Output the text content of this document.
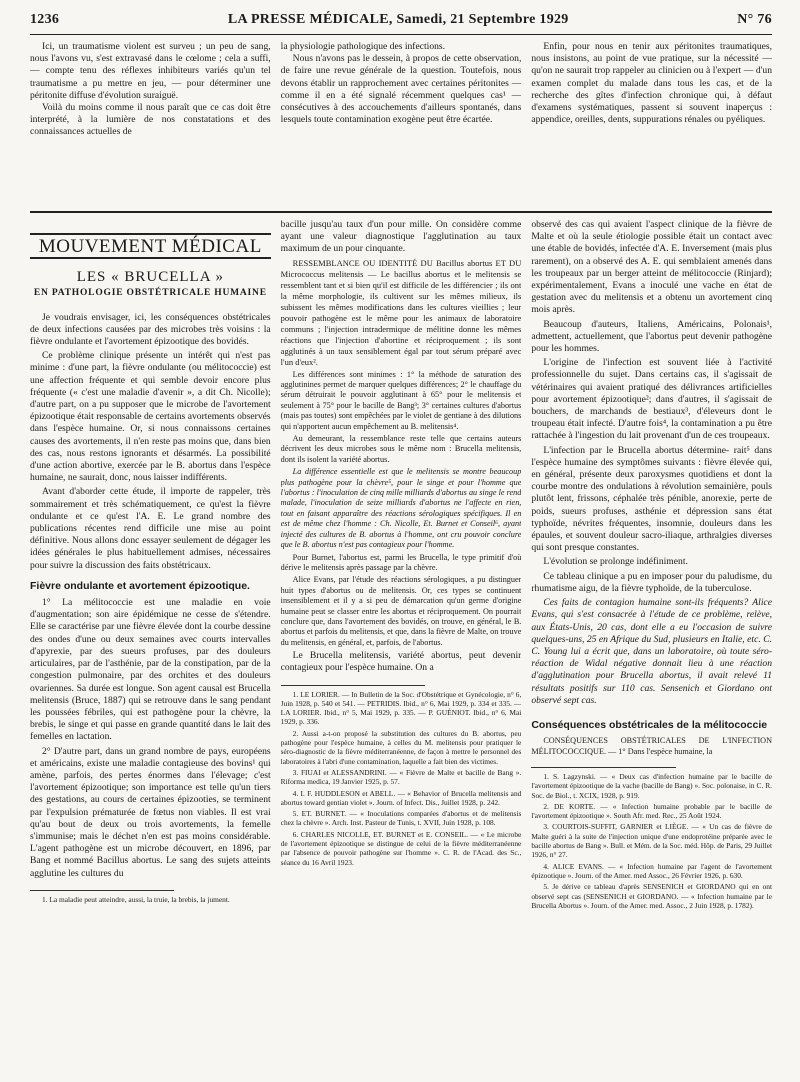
1236	LA PRESSE MÉDICALE, Samedi, 21 Septembre 1929	N° 76

Ici, un traumatisme violent est surveu ; un peu de sang, nous l'avons vu, s'est extravasé dans le cœlome ; cela a suffi, — compte tenu des réflexes inhibiteurs variés qu'un tel traumatisme a pu mettre en jeu, — pour déterminer une péritonite diffuse d'évolution suraiguë.

Voilà du moins comme il nous paraît que ce cas doit être interprété, à la lumière de nos constatations et des connaissances actuelles de

la physiologie pathologique des infections.

Nous n'avons pas le dessein, à propos de cette observation, de faire une revue générale de la question. Toutefois, nous devons établir un rapprochement avec certaines péritonites — comme il en a été signalé récemment quelques cas¹ — consécutives à des accouchements d'ailleurs spontanés, dans lesquels toute contamination exogène peut être écartée.

Enfin, pour nous en tenir aux péritonites traumatiques, nous insistons, au point de vue pratique, sur la nécessité — qu'on ne saurait trop rappeler au clinicien ou à l'expert — d'un examen complet du malade dans tous les cas, et de la recherche des gîtes d'infection chronique qui, à défaut d'examens systématiques, passent si souvent inaperçus : appendice, oreilles, dents, suppurations rénales ou pyéliques.

MOUVEMENT MÉDICAL
LES « BRUCELLA »
EN PATHOLOGIE OBSTÉTRICALE HUMAINE

Je voudrais envisager, ici, les conséquences obstétricales de deux infections causées par des microbes très voisins : la fièvre ondulante et l'avortement épizootique des bovidés.

Ce problème clinique présente un intérêt qui n'est pas minime : d'une part, la fièvre ondulante (ou mélitococcie) est une affection fréquente et qui semble devoir encore plus fréquente (« c'est une maladie d'avenir », a dit Ch. Nicolle); d'autre part, on a pu supposer que le microbe de l'avortement épizootique était responsable de certains avortements observés dans l'espèce humaine. Or, si nous connaissons certaines causes des avortements, il n'en reste pas moins que, dans bien des cas, nous restons ignorants et désarmés. La possibilité d'une action abortive, exercée par le B. abortus dans l'espèce humaine, ne saurait, donc, nous laisser indifférents.

Avant d'aborder cette étude, il importe de rappeler, très sommairement et très schématiquement, ce qu'est la fièvre ondulante et ce qu'est l'A. E. Le grand nombre des publications récentes rend difficile une mise au point définitive. Nous allons donc essayer seulement de dégager les idées générales le plus habituellement admises, nécessaires pour suivre la discussion des faits obstétricaux.

Fièvre ondulante et avortement épizootique.

1° La mélitococcie est une maladie en voie d'augmentation; son aire épidémique ne cesse de s'étendre. Elle se caractérise par une fièvre élevée dont la courbe dessine des ondes d'une ou deux semaines avec courts intervalles d'apyrexie, par des sueurs profuses, par des douleurs articulaires, par de l'asthénie, par de la constipation, par de la congestion pulmonaire, par des orchites et des douleurs ovariennes. Sa durée est longue. Son agent causal est Brucella melitensis (Bruce, 1887) qui se retrouve dans le sang pendant les poussées fébriles, qui est pathogène pour la chèvre, la brebis, le singe et qui passe en grande quantité dans le lait des femelles en lactation.

2° D'autre part, dans un grand nombre de pays, européens et américains, existe une maladie contagieuse des bovins¹ qui amène, parfois, des pertes énormes dans l'élevage; c'est l'avortement épizootique; son importance est telle qu'un tiers des gestations, au cours de certaines épizooties, se terminent par l'expulsion prématurée de fœtus non viables. Il est vrai qu'au bout de deux ou trois avortements, la femelle s'immunise; mais le déchet n'en est pas moins considérable. L'agent pathogène est un microbe découvert, en 1896, par Bang et nommé Bacillus abortus. Le sang des sujets atteints agglutine les cultures du

1. La maladie peut atteindre, aussi, la truie, la brebis, la jument.

bacille jusqu'au taux d'un pour mille. On considère comme ayant une valeur diagnostique l'agglutination au taux maximum de un pour cinquante.

RESSEMBLANCE OU IDENTITÉ DU Bacillus abortus ET DU Micrococcus melitensis — Le bacillus abortus et le melitensis se ressemblent tant et si bien qu'il est difficile de les différencier ; ils ont la même morphologie, ils cultivent sur les mêmes milieux, ils subissent les mêmes modifications dans les cultures vieillies ; leur pouvoir pathogène est le même pour les animaux de laboratoire communs ; l'injection intradermique de mélitine donne les mêmes réactions que l'injection d'abortine et réciproquement ; ils sont agglutinés à un taux sensiblement égal par tout sérum préparé avec l'un d'eux².

Les différences sont minimes : 1° la méthode de saturation des agglutinines permet de marquer quelques différences; 2° le chauffage du sérum détruirait le pouvoir agglutinant à 65° pour le melitensis et seulement à 75° pour le bacille de Bang³; 3° certaines cultures d'abortus (mais pas toutes) sont empêchées par le violet de gentiane à des dilutions qui n'apportent aucun empêchement au B. melitensis⁴.

Au demeurant, la ressemblance reste telle que certains auteurs décrivent les deux microbes sous le même nom : Brucella melitensis, dont ils isolent la variété abortus.

La différence essentielle est que le melitensis se montre beaucoup plus pathogène pour la chèvre⁵, pour le singe et pour l'homme que l'abortus : l'inoculation de cinq mille milliards d'abortus au singe le rend malade, l'inoculation de seize milliards d'abortus ne l'affecte en rien, tout en faisant apparaître des réactions sérologiques spécifiques. Il en est de même chez l'homme : Ch. Nicolle, Et. Burnet et Conseil⁶, ayant injecté des cultures de B. abortus à l'homme, ont cru pouvoir conclure que le B. abortus n'est pas contagieux pour l'homme.

Pour Burnet, l'abortus est, parmi les Brucella, le type primitif d'où dérive le melitensis après passage par la chèvre.

Alice Evans, par l'étude des réactions sérologiques, a pu distinguer huit types d'abortus ou de melitensis. Or, ces types se continuent insensiblement et il y a si peu de démarcation qu'un germe d'origine humaine peut se classer entre les abortus et réciproquement. On pourrait conclure que, dans l'avortement des bovidés, on trouve, en général, le B. abortus et parfois du melitensis, et que, dans la fièvre de Malte, on trouve du melitensis, en général, et, parfois, de l'abortus.

Le Brucella melitensis, variété abortus, peut devenir contagieux pour l'espèce humaine. On a

1. LE LORIER. — In Bulletin de la Soc. d'Obstétrique et Gynécologie, n° 6, Juin 1928, p. 540 et 541. — PETRIDIS. Ibid., n° 6, Mai 1929, p. 334 et 335. — LA LORIER. Ibid., n° 5, Mai 1929, p. 335. — P. GUÉNIOT. Ibid., n° 6, Mai 1929, p. 336.

2. Aussi a-t-on proposé la substitution des cultures du B. abortus, peu pathogène pour l'espèce humaine, à celles du M. melitensis pour pratiquer le séro-diagnostic de la fièvre méditerranéenne, de façon à mettre le personnel des laboratoires à l'abri d'une contamination, laquelle a fait bien des victimes.

3. FIUAI et ALESSANDRINI. — « Fièvre de Malte et bacille de Bang ». Riforma medica, 19 Janvier 1925, p. 57.

4. I. F. HUDDLESON et ABELL. — « Behavior of Brucella melitensis and abortus toward gentian violet ». Journ. of Infect. Dis., Juillet 1928, p. 242.

5. ET. BURNET. — « Inoculations comparées d'abortus et de melitensis chez la chèvre ». Arch. Inst. Pasteur de Tunis, t. XVII, Juin 1928, p. 108.

6. CHARLES NICOLLE, ET. BURNET et E. CONSEIL. — « Le microbe de l'avortement épizootique se distingue de celui de la fièvre méditerranéenne par l'absence de pouvoir pathogène sur l'homme ». C. R. de l'Acad. des Sc., séance du 16 Avril 1923.

observé des cas qui avaient l'aspect clinique de la fièvre de Malte et où la seule étiologie possible était un contact avec une étable de bovidés, infectée d'A. E. Inversement (mais plus rarement), on a observé des A. E. qui semblaient amenés dans les troupeaux par un berger atteint de mélitococcie (Rinjard); expérimentalement, Evans a inoculé une vache en état de gestation avec du melitensis et a obtenu un avortement cinq mois après.

Beaucoup d'auteurs, Italiens, Américains, Polonais¹, admettent, actuellement, que l'abortus peut devenir pathogène pour les hommes.

L'origine de l'infection est souvent liée à l'activité professionnelle du sujet. Dans certains cas, il s'agissait de vétérinaires qui avaient pratiqué des délivrances artificielles pour avortement épizootique²; dans d'autres, il s'agissait de bouchers, de marchands de bestiaux³, d'éleveurs dont le troupeau était infecté. D'autre fois⁴, la contamination a pu être rattachée à l'ingestion du lait provenant d'un de ces troupeaux.

L'infection par le Brucella abortus détermine- rait⁵ dans l'espèce humaine des symptômes suivants : fièvre élevée qui, en général, présente deux paroxysmes quotidiens et dont la courbe montre des ondulations à révolution semainière, pouls plutôt lent, frissons, céphalée très pénible, anorexie, perte de poids, sueurs profuses, asthénie et dépression sans état typhoïde, névrites fréquentes, insomnie, douleurs dans les épaules, et souvent douleur sacro-iliaque, arthralgies diverses qui sont presque constantes.

L'évolution se prolonge indéfiniment.

Ce tableau clinique a pu en imposer pour du paludisme, du rhumatisme aigu, de la fièvre typhoïde, de la tuberculose.

Ces faits de contagion humaine sont-ils fréquents? Alice Evans, qui s'est consacrée à l'étude de ce problème, relève, aux États-Unis, 20 cas, dont elle a eu l'occasion de suivre quelques-uns, 25 en Afrique du Sud, plusieurs en Italie, etc. C. C. Young lui a écrit que, dans un laboratoire, où toute séro-réaction de Widal négative donnait lieu à une réaction d'agglutination pour Brucella abortus, il avait relevé 11 résultats positifs sur 110 cas. Sensenich et Giordano ont observé sept cas.

Conséquences obstétricales de la mélitococcie

CONSÉQUENCES OBSTÉTRICALES DE L'INFECTION MÉLITOCOCCIQUE. — 1° Dans l'espèce humaine, la

1. S. Lagzynski. — « Deux cas d'infection humaine par le bacille de l'avortement épizootique de la vache (bacille de Bang) ». Soc. polonaise, in C. R. Soc. de Biol., t. XCIX, 1928, p. 919.

2. DE KORTE. — « Infection humaine probable par le bacille de l'avortement épizootique ». South Afr. med. Rec., 25 Août 1924.

3. COURTOIS-SUFFIT, GARNIER et LIÈGE. — « Un cas de fièvre de Malte guéri à la suite de l'injection unique d'une endoprotéine préparée avec le bacille abortus de Bang ». Bull. et Mém. de la Soc. méd. Hôp. de Paris, 29 Juillet 1926, n° 27.

4. ALICE EVANS. — « Infection humaine par l'agent de l'avortement épizootique ». Journ. of the Amer. med Assoc., 26 Février 1926, p. 630.

5. Je dérive ce tableau d'après SENSENICH et GIORDANO qui en ont observé sept cas (SENSENICH et GIORDANO. — « Infection humaine par le Brucella Abortus ». Journ. of the Amer. med. Assoc., 2 Juin 1928, p. 1782).
